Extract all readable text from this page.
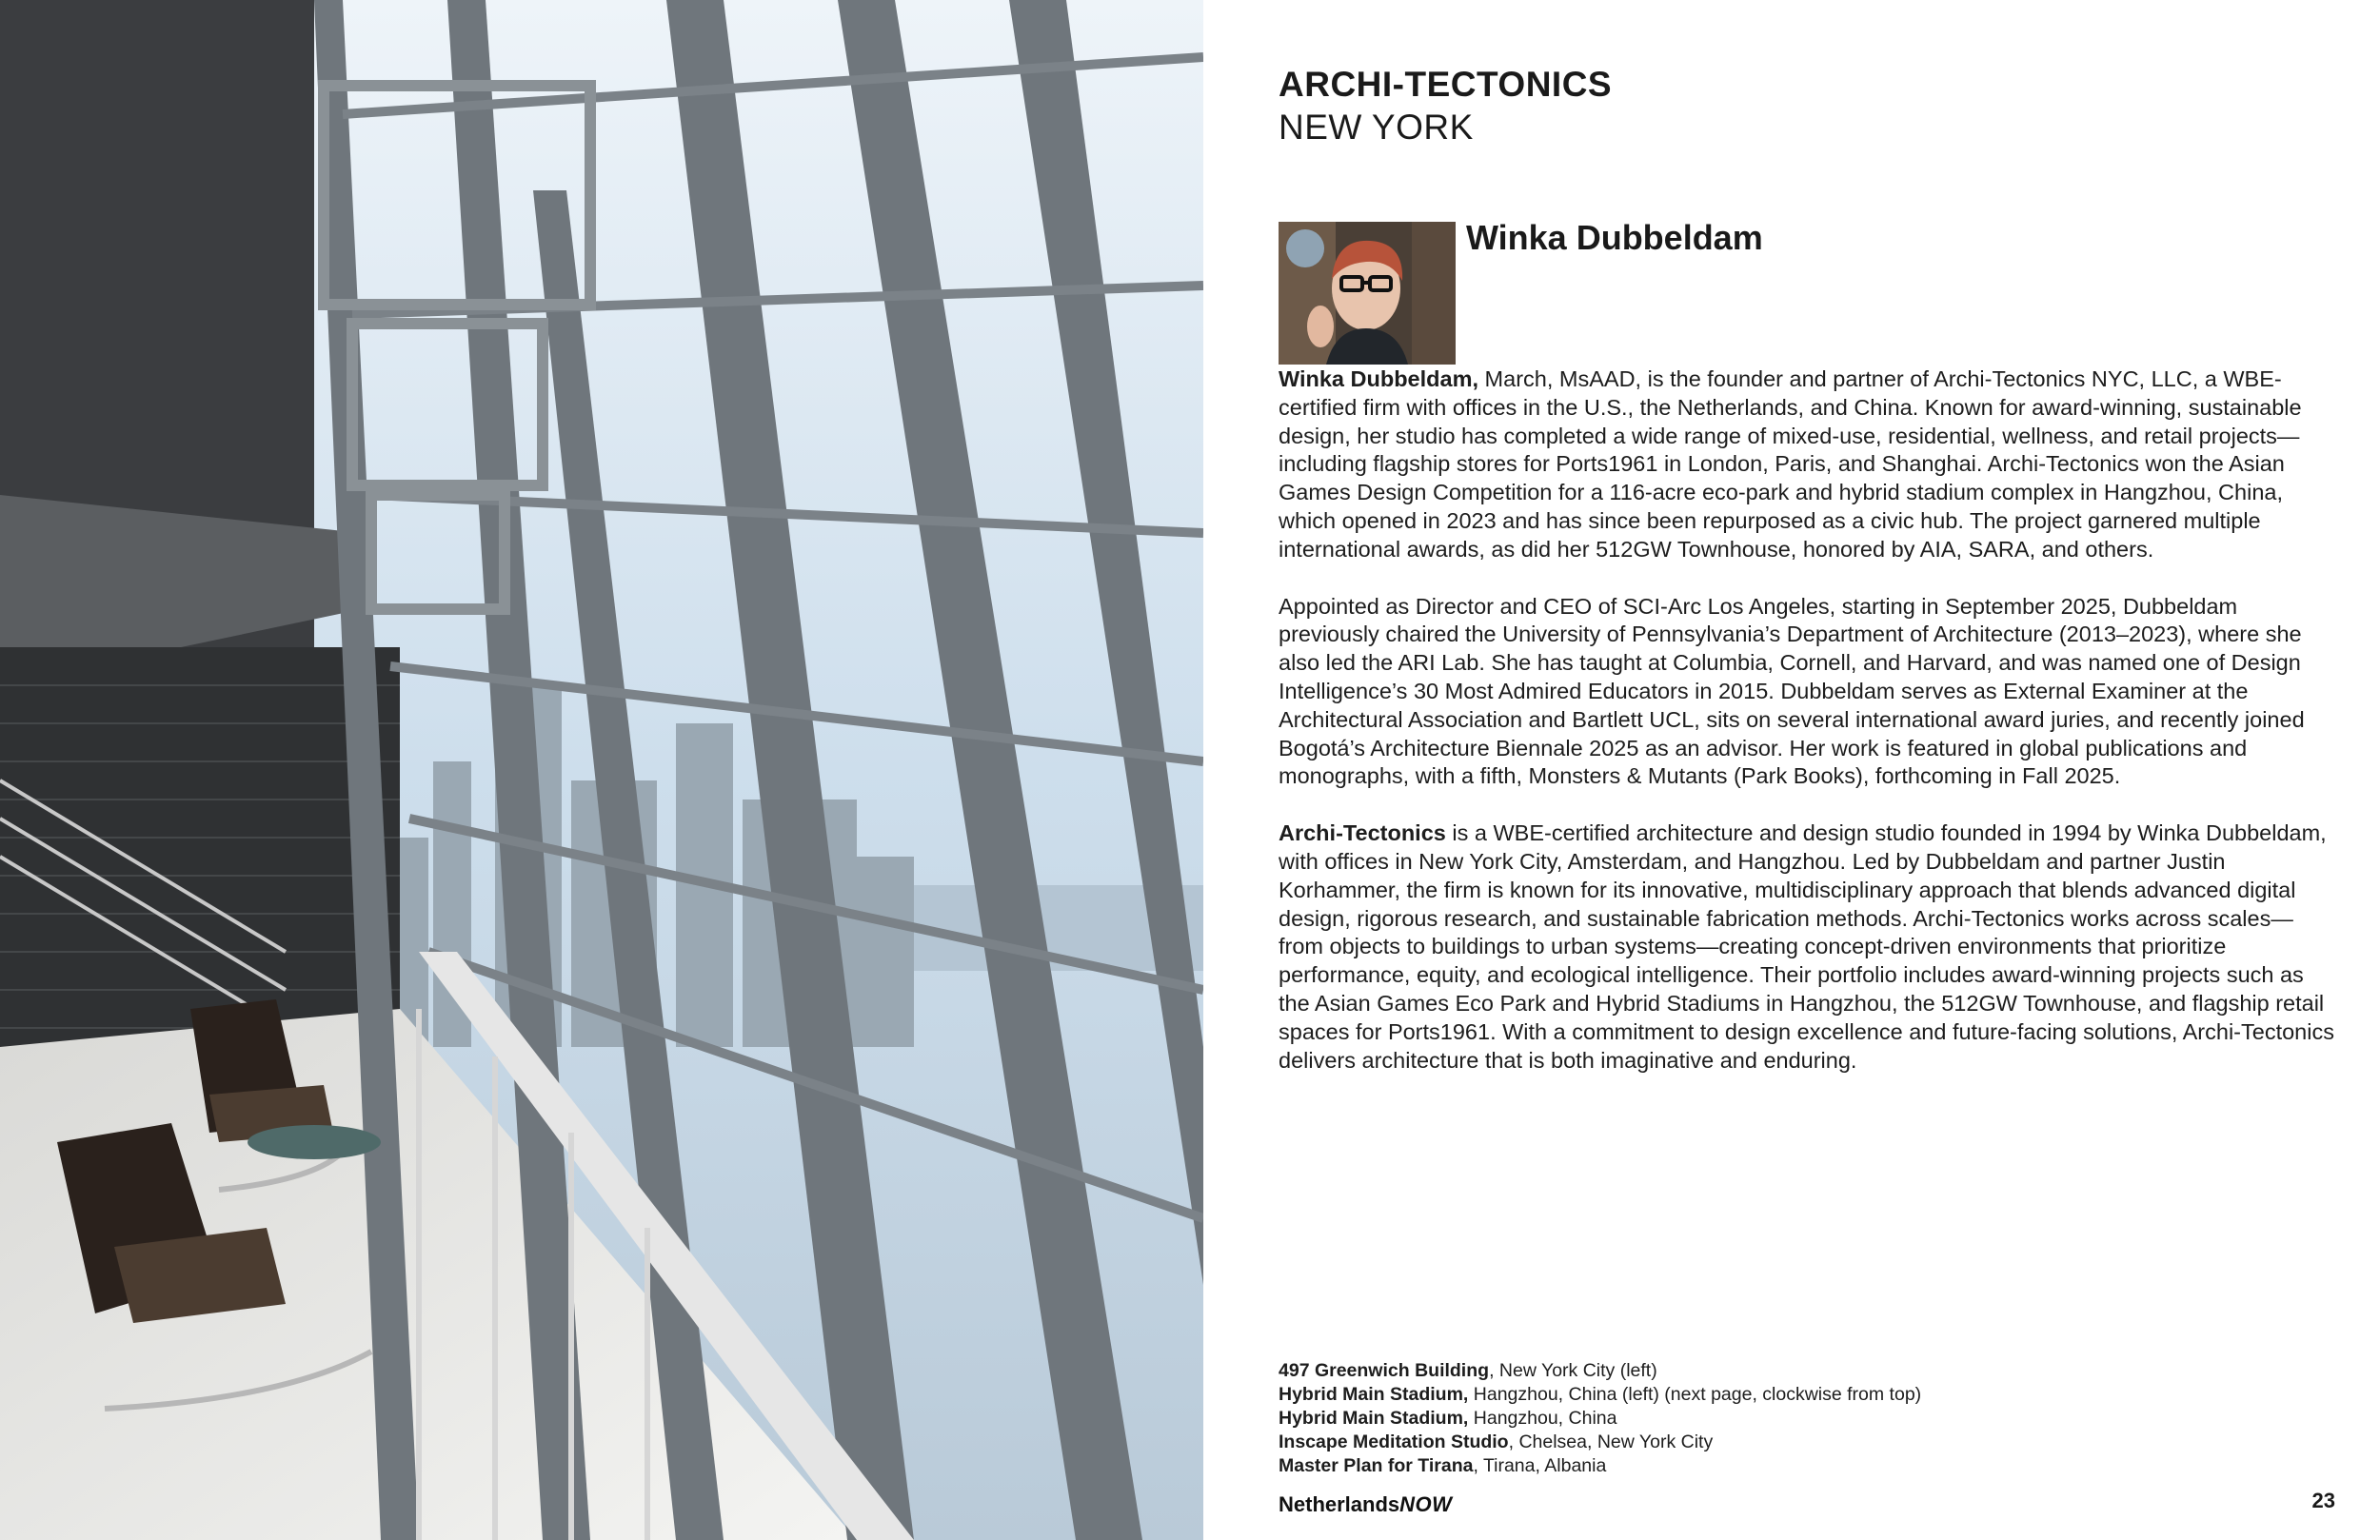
ARCHI-TECTONICS
NEW YORK
Winka Dubbeldam

Winka Dubbeldam, March, MsAAD, is the founder and partner of Archi-Tectonics NYC, LLC, a WBE-certified firm with offices in the U.S., the Netherlands, and China. Known for award-winning, sustainable design, her studio has completed a wide range of mixed-use, residential, wellness, and retail projects—including flagship stores for Ports1961 in London, Paris, and Shanghai. Archi-Tectonics won the Asian Games Design Competition for a 116-acre eco-park and hybrid stadium complex in Hangzhou, China, which opened in 2023 and has since been repurposed as a civic hub. The project garnered multiple international awards, as did her 512GW Townhouse, honored by AIA, SARA, and others.

Appointed as Director and CEO of SCI-Arc Los Angeles, starting in September 2025, Dubbeldam previously chaired the University of Pennsylvania’s Department of Architecture (2013–2023), where she also led the ARI Lab. She has taught at Columbia, Cornell, and Harvard, and was named one of Design Intelligence’s 30 Most Admired Educators in 2015. Dubbeldam serves as External Examiner at the Architectural Association and Bartlett UCL, sits on several international award juries, and recently joined Bogotá’s Architecture Biennale 2025 as an advisor. Her work is featured in global publications and monographs, with a fifth, Monsters & Mutants (Park Books), forthcoming in Fall 2025.

Archi-Tectonics is a WBE-certified architecture and design studio founded in 1994 by Winka Dubbeldam, with offices in New York City, Amsterdam, and Hangzhou. Led by Dubbeldam and partner Justin Korhammer, the firm is known for its innovative, multidisciplinary approach that blends advanced digital design, rigorous research, and sustainable fabrication methods. Archi-Tectonics works across scales—from objects to buildings to urban systems—creating concept-driven environments that prioritize performance, equity, and ecological intelligence. Their portfolio includes award-winning projects such as the Asian Games Eco Park and Hybrid Stadiums in Hangzhou, the 512GW Townhouse, and flagship retail spaces for Ports1961. With a commitment to design excellence and future-facing solutions, Archi-Tectonics delivers architecture that is both imaginative and enduring.

497 Greenwich Building, New York City (left)
Hybrid Main Stadium, Hangzhou, China (left) (next page, clockwise from top)
Hybrid Main Stadium, Hangzhou, China
Inscape Meditation Studio, Chelsea, New York City
Master Plan for Tirana, Tirana, Albania
NetherlandsNOW	23
